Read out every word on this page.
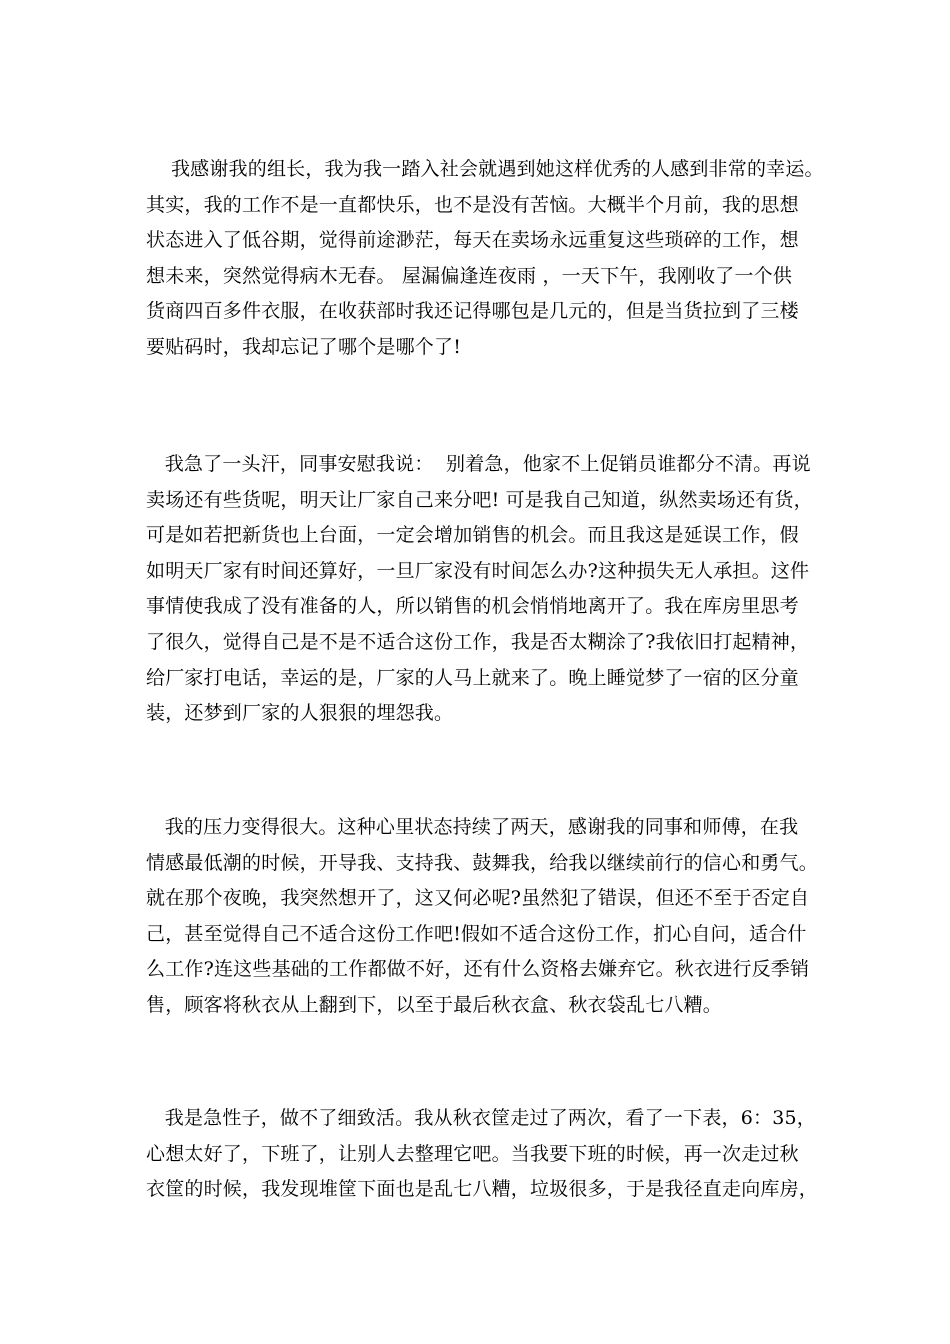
我感谢我的组长，我为我一踏入社会就遇到她这样优秀的人感到非常的幸运。
其实，我的工作不是一直都快乐，也不是没有苦恼。大概半个月前，我的思想
状态进入了低谷期，觉得前途渺茫，每天在卖场永远重复这些琐碎的工作，想
想未来，突然觉得病木无春。 屋漏偏逢连夜雨 ，一天下午，我刚收了一个供
货商四百多件衣服，在收获部时我还记得哪包是几元的，但是当货拉到了三楼
要贴码时，我却忘记了哪个是哪个了!
我急了一头汗，同事安慰我说：  别着急，他家不上促销员谁都分不清。再说
卖场还有些货呢，明天让厂家自己来分吧! 可是我自己知道，纵然卖场还有货，
可是如若把新货也上台面，一定会增加销售的机会。而且我这是延误工作，假
如明天厂家有时间还算好，一旦厂家没有时间怎么办?这种损失无人承担。这件
事情使我成了没有准备的人，所以销售的机会悄悄地离开了。我在库房里思考
了很久，觉得自己是不是不适合这份工作，我是否太糊涂了?我依旧打起精神，
给厂家打电话，幸运的是，厂家的人马上就来了。晚上睡觉梦了一宿的区分童
装，还梦到厂家的人狠狠的埋怨我。
我的压力变得很大。这种心里状态持续了两天，感谢我的同事和师傅，在我
情感最低潮的时候，开导我、支持我、鼓舞我，给我以继续前行的信心和勇气。
就在那个夜晚，我突然想开了，这又何必呢?虽然犯了错误，但还不至于否定自
己，甚至觉得自己不适合这份工作吧!假如不适合这份工作，扪心自问，适合什
么工作?连这些基础的工作都做不好，还有什么资格去嫌弃它。秋衣进行反季销
售，顾客将秋衣从上翻到下，以至于最后秋衣盒、秋衣袋乱七八糟。
我是急性子，做不了细致活。我从秋衣筐走过了两次，看了一下表，6：35，
心想太好了，下班了，让别人去整理它吧。当我要下班的时候，再一次走过秋
衣筐的时候，我发现堆筐下面也是乱七八糟，垃圾很多，于是我径直走向库房，
